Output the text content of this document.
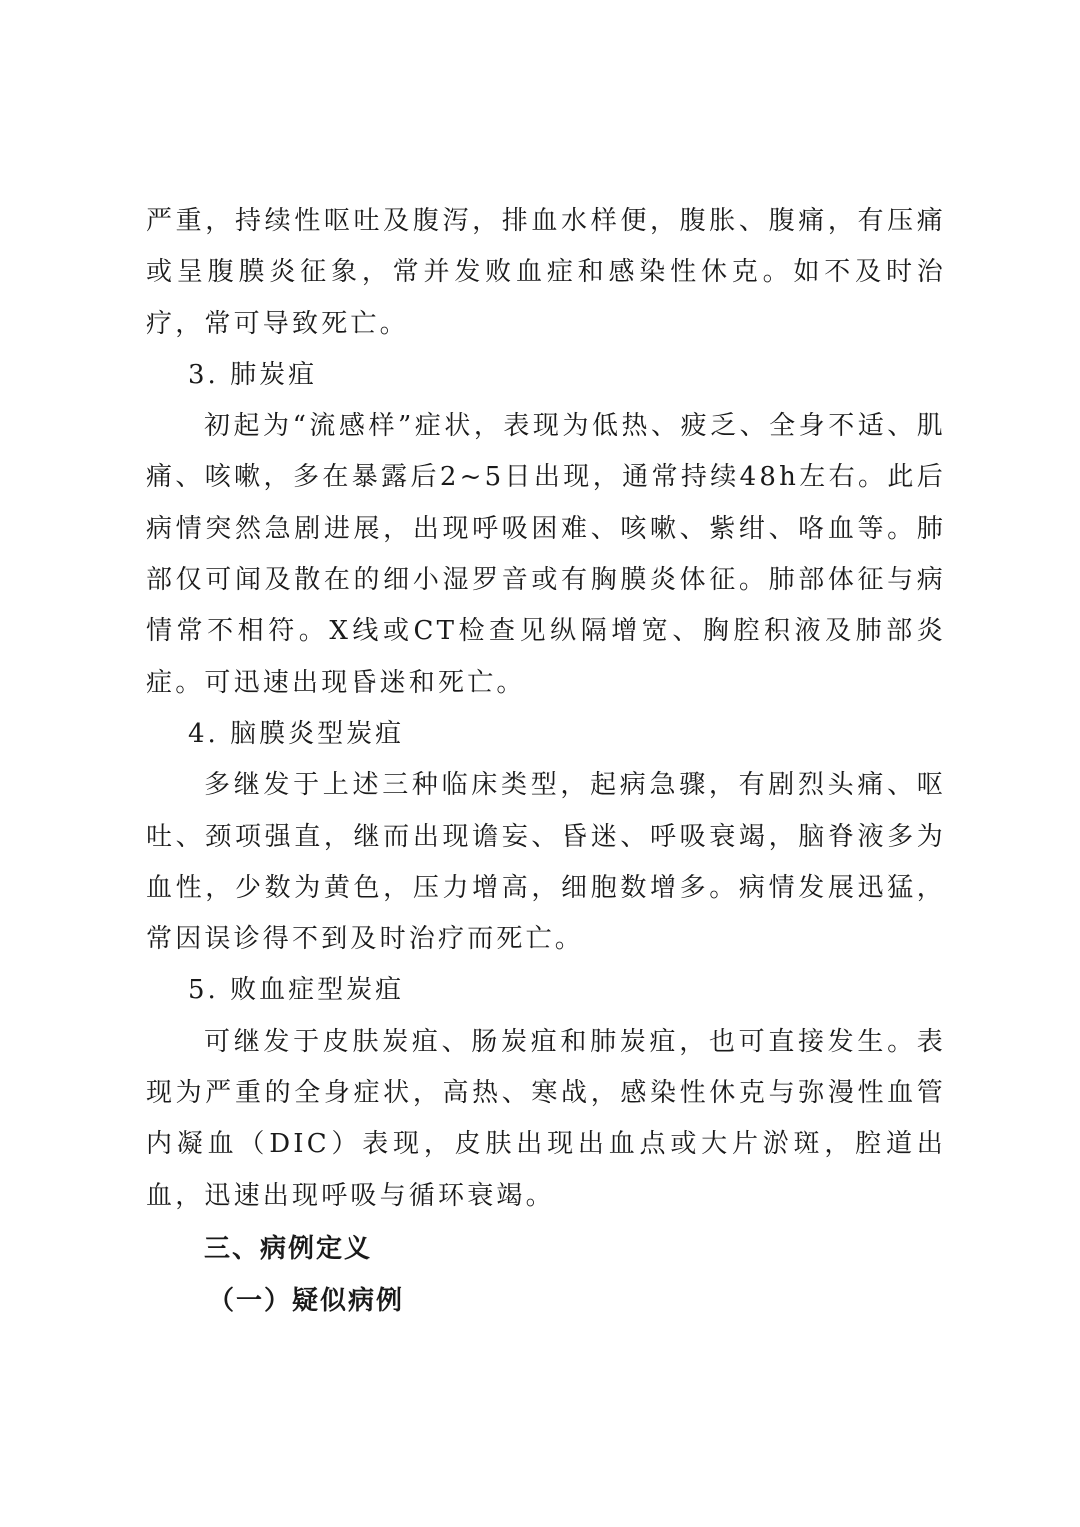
严重，持续性呕吐及腹泻，排血水样便，腹胀、腹痛，有压痛或呈腹膜炎征象，常并发败血症和感染性休克。如不及时治疗，常可导致死亡。

3. 肺炭疽

初起为“流感样”症状，表现为低热、疲乏、全身不适、肌痛、咳嗽，多在暴露后2~5日出现，通常持续48h左右。此后病情突然急剧进展，出现呼吸困难、咳嗽、紫绀、咯血等。肺部仅可闻及散在的细小湿罗音或有胸膜炎体征。肺部体征与病情常不相符。X线或CT检查见纵隔增宽、胸腔积液及肺部炎症。可迅速出现昏迷和死亡。

4. 脑膜炎型炭疽

多继发于上述三种临床类型，起病急骤，有剧烈头痛、呕吐、颈项强直，继而出现谵妄、昏迷、呼吸衰竭，脑脊液多为血性，少数为黄色，压力增高，细胞数增多。病情发展迅猛，常因误诊得不到及时治疗而死亡。

5. 败血症型炭疽

可继发于皮肤炭疽、肠炭疽和肺炭疽，也可直接发生。表现为严重的全身症状，高热、寒战，感染性休克与弥漫性血管内凝血（DIC）表现，皮肤出现出血点或大片淤斑，腔道出血，迅速出现呼吸与循环衰竭。

三、病例定义

（一）疑似病例
